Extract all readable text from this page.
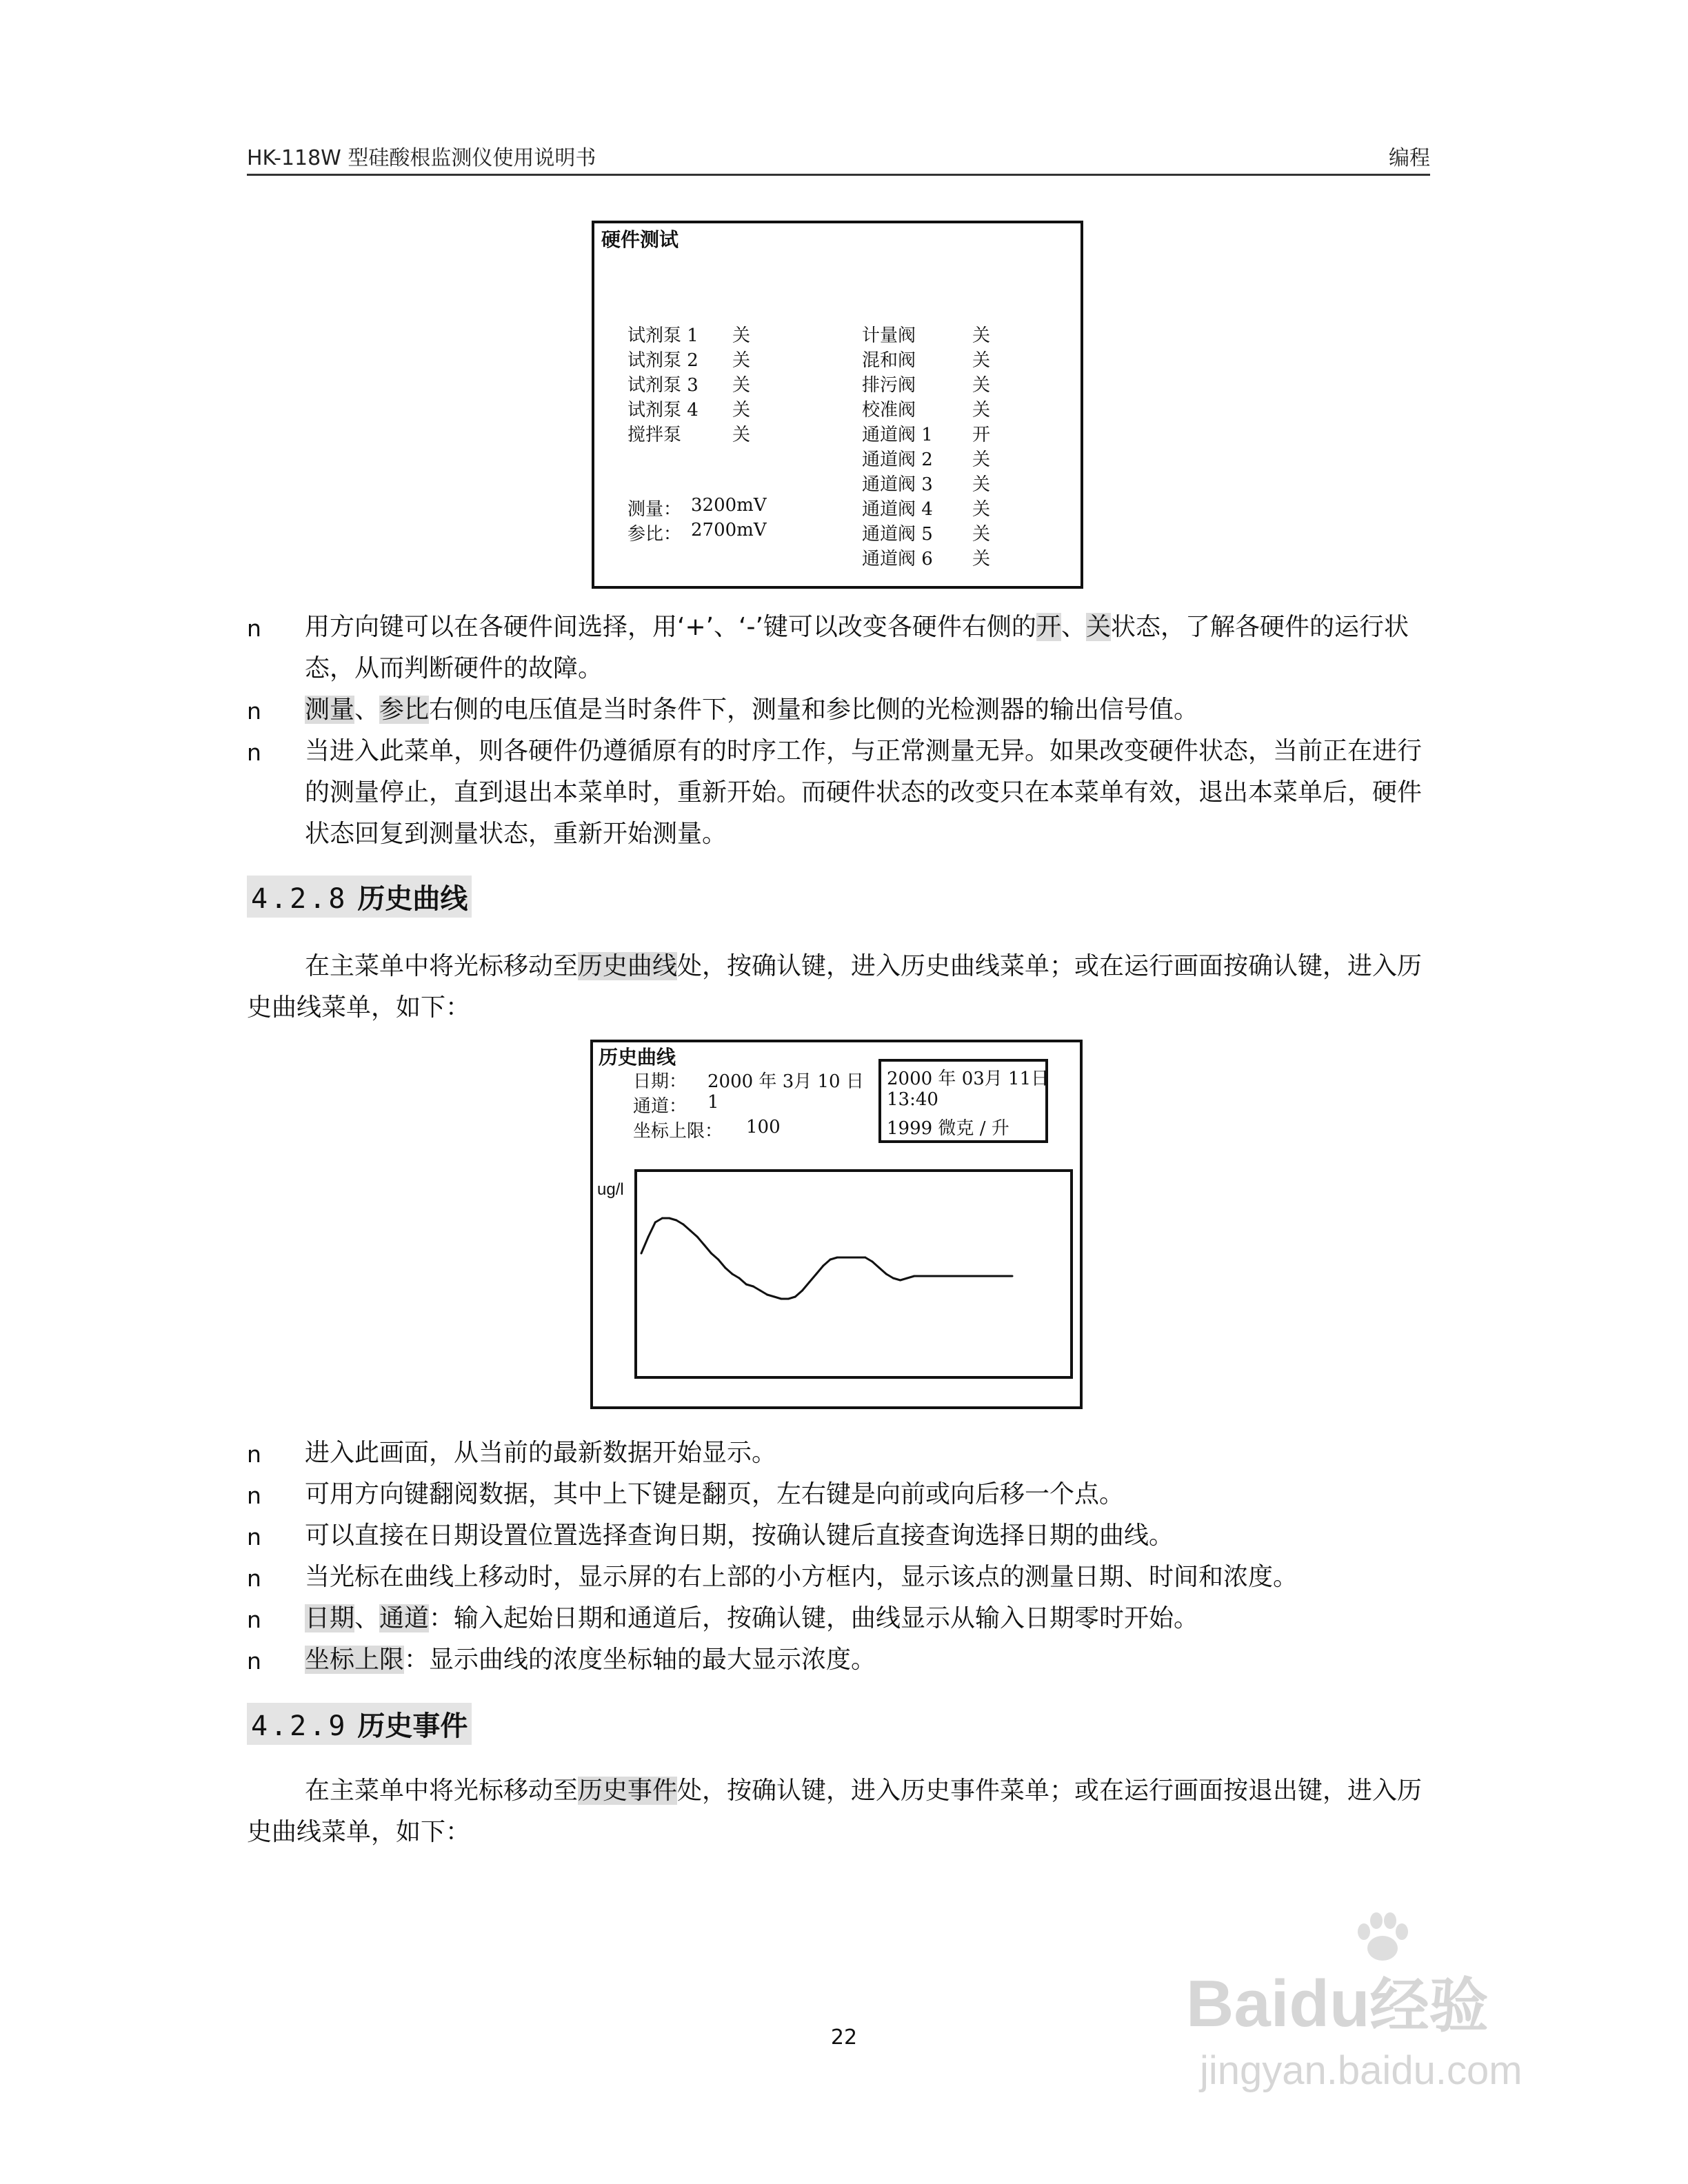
HK-118W 型硅酸根监测仪使用说明书	编程
硬件测试
试剂泵 1 关
试剂泵 2 关
试剂泵 3 关
试剂泵 4 关
搅拌泵	关
计量阀	关
混和阀	关
排污阀	关
校准阀	关
通道阀 1 开
通道阀 2 关
通道阀 3 关
通道阀 4 关
通道阀 5 关
通道阀 6 关
测量： 3200mV
参比： 2700mV
n 用方向键可以在各硬件间选择，用‘+’、‘-’键可以改变各硬件右侧的开、关状态，了解各硬件的运行状态，从而判断硬件的故障。
n 测量、参比右侧的电压值是当时条件下，测量和参比侧的光检测器的输出信号值。
n 当进入此菜单，则各硬件仍遵循原有的时序工作，与正常测量无异。如果改变硬件状态，当前正在进行的测量停止，直到退出本菜单时，重新开始。而硬件状态的改变只在本菜单有效，退出本菜单后，硬件状态回复到测量状态，重新开始测量。
4.2.8 历史曲线
在主菜单中将光标移动至历史曲线处，按确认键，进入历史曲线菜单；或在运行画面按确认键，进入历史曲线菜单，如下：
历史曲线
日期： 2000 年 3月 10 日
通道： 1
坐标上限： 100
2000 年 03月 11日
13:40
1999 微克 / 升
ug/l
n 进入此画面，从当前的最新数据开始显示。
n 可用方向键翻阅数据，其中上下键是翻页，左右键是向前或向后移一个点。
n 可以直接在日期设置位置选择查询日期，按确认键后直接查询选择日期的曲线。
n 当光标在曲线上移动时，显示屏的右上部的小方框内，显示该点的测量日期、时间和浓度。
n 日期、通道：输入起始日期和通道后，按确认键，曲线显示从输入日期零时开始。
n 坐标上限：显示曲线的浓度坐标轴的最大显示浓度。
4.2.9 历史事件
在主菜单中将光标移动至历史事件处，按确认键，进入历史事件菜单；或在运行画面按退出键，进入历史曲线菜单，如下：
22	Baidu经验
jingyan.baidu.com
